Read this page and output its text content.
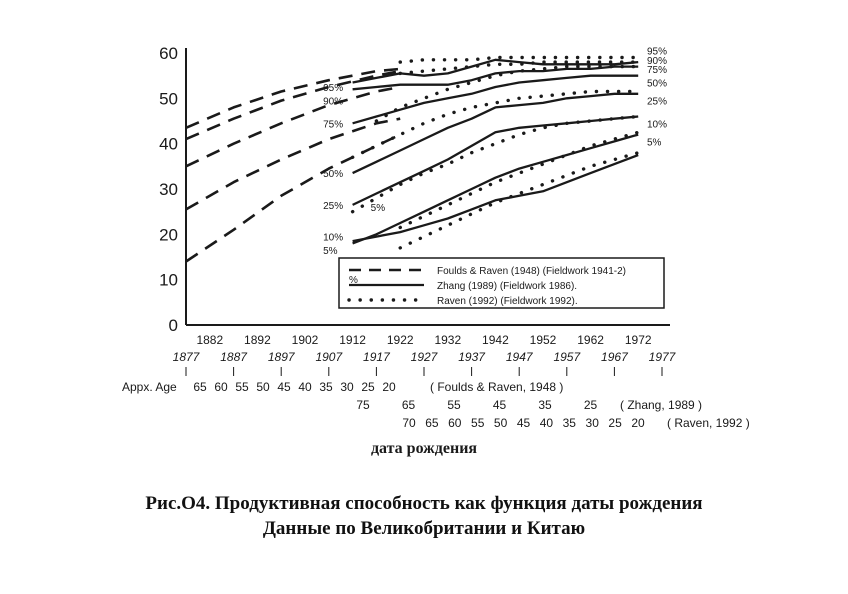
0
10
20
30
40
50
60
1882 1892 1902 1912 1922 1932 1942 1952 1962 1972
1877 1887 1897 1907 1917 1927 1937 1947 1957 1967 1977
Appx. Age 65 60 55 50 45 40 35 30 25 20	( Foulds & Raven, 1948 )
75	65	55	45	35	25 ( Zhang, 1989 )
70 65 60 55 50 45 40 35 30 25 20 ( Raven, 1992 )
95%
90%
75%
50%
25%
10%
5%
95%
90%
75%
50%
25%
10%
5%
5%
Foulds & Raven (1948) (Fieldwork 1941-2)
%
Zhang (1989) (Fieldwork 1986).
Raven (1992) (Fieldwork 1992).
дата рождения
Рис.О4. Продуктивная способность как функция даты рождения
Данные по Великобритании и Китаю
